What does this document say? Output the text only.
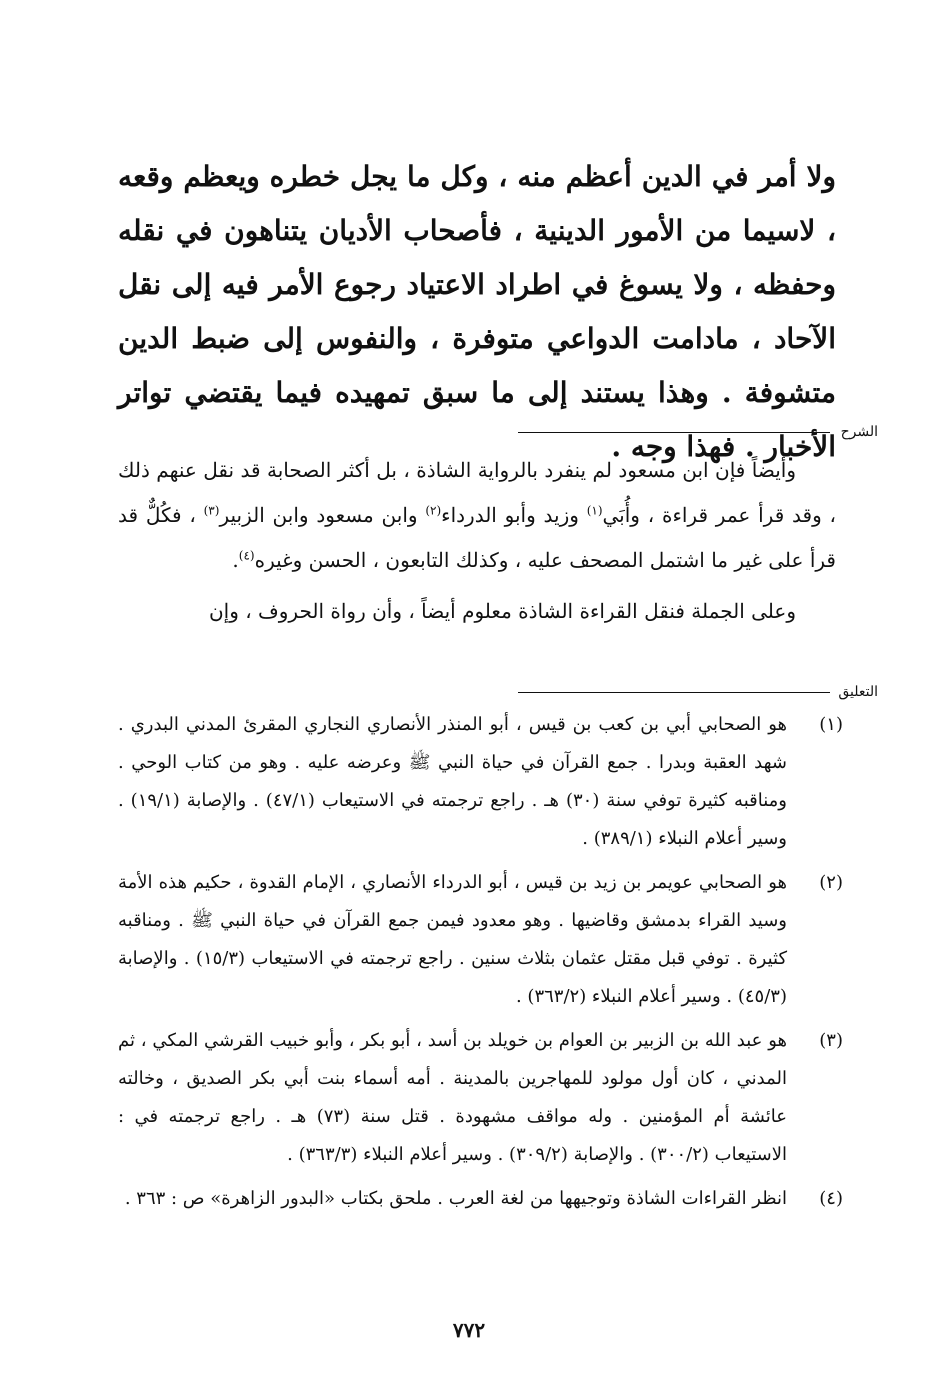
ولا أمر في الدين أعظم منه ، وكل ما يجل خطره ويعظم وقعه ، لاسيما من الأمور الدينية ، فأصحاب الأديان يتناهون في نقله وحفظه ، ولا يسوغ في اطراد الاعتياد رجوع الأمر فيه إلى نقل الآحاد ، مادامت الدواعي متوفرة ، والنفوس إلى ضبط الدين متشوفة . وهذا يستند إلى ما سبق تمهيده فيما يقتضي تواتر الأخبار . فهذا وجه . الشرح

وأيضاً فإن ابن مسعود لم ينفرد بالرواية الشاذة ، بل أكثر الصحابة قد نقل عنهم ذلك ، وقد قرأ عمر قراءة ، وأُبَي$^{(١)}$ وزيد وأبو الدرداء$^{(٢)}$ وابن مسعود وابن الزبير$^{(٣)}$ ، فكُلٌّ قد قرأ على غير ما اشتمل المصحف عليه ، وكذلك التابعون ، الحسن وغيره$^{(٤)}$.

وعلى الجملة فنقل القراءة الشاذة معلوم أيضاً ، وأن رواة الحروف ، وإن

التعليق
(١)
هو الصحابي أبي بن كعب بن قيس ، أبو المنذر الأنصاري النجاري المقرئ المدني البدري . شهد العقبة وبدرا . جمع القرآن في حياة النبي ﷺ وعرضه عليه . وهو من كتاب الوحي . ومناقبه كثيرة توفي سنة (٣٠) هـ . راجع ترجمته في الاستيعاب (٤٧/١) . والإصابة (١٩/١) . وسير أعلام النبلاء (٣٨٩/١) .
(٢)
هو الصحابي عويمر بن زيد بن قيس ، أبو الدرداء الأنصاري ، الإمام القدوة ، حكيم هذه الأمة وسيد القراء بدمشق وقاضيها . وهو معدود فيمن جمع القرآن في حياة النبي ﷺ . ومناقبه كثيرة . توفي قبل مقتل عثمان بثلاث سنين . راجع ترجمته في الاستيعاب (١٥/٣) . والإصابة (٤٥/٣) . وسير أعلام النبلاء (٣٦٣/٢) .
(٣)
هو عبد الله بن الزبير بن العوام بن خويلد بن أسد ، أبو بكر ، وأبو خبيب القرشي المكي ، ثم المدني ، كان أول مولود للمهاجرين بالمدينة . أمه أسماء بنت أبي بكر الصديق ، وخالته عائشة أم المؤمنين . وله مواقف مشهودة . قتل سنة (٧٣) هـ . راجع ترجمته في : الاستيعاب (٣٠٠/٢) . والإصابة (٣٠٩/٢) . وسير أعلام النبلاء (٣٦٣/٣) .
(٤)
انظر القراءات الشاذة وتوجيهها من لغة العرب . ملحق بكتاب «البدور الزاهرة» ص : ٣٦٣ .
٧٧٢
